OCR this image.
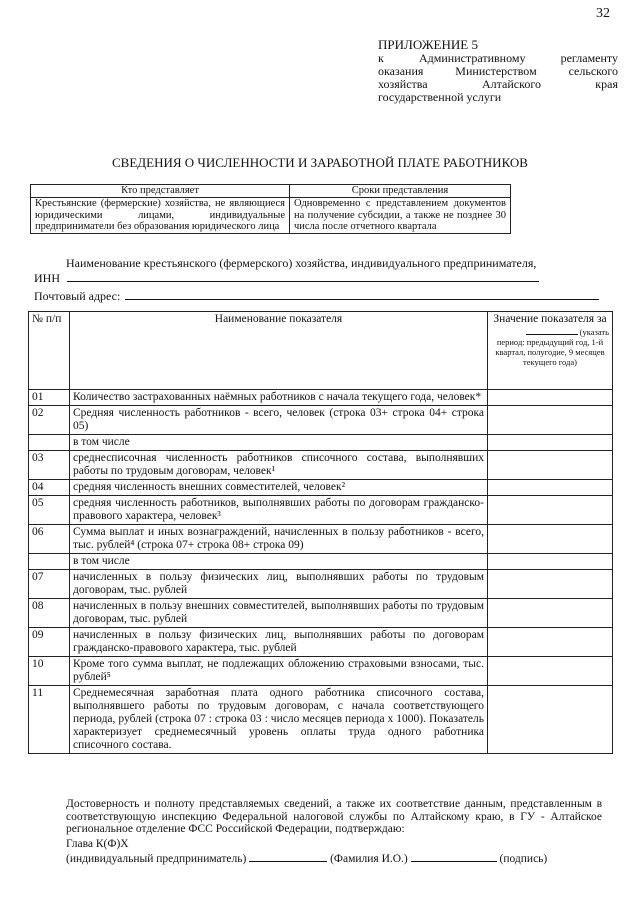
32
ПРИЛОЖЕНИЕ 5
к Административному регламенту
оказания Министерством сельского
хозяйства Алтайского края
государственной услуги
СВЕДЕНИЯ О ЧИСЛЕННОСТИ И ЗАРАБОТНОЙ ПЛАТЕ РАБОТНИКОВ
Кто представляет	Сроки представления
Крестьянские (фермерские) хозяйства, не являющиеся юридическими лицами, индивидуальные предприниматели без образования юридического лица	Одновременно с представлением документов на получение субсидии, а также не позднее 30 числа после отчетного квартала
Наименование крестьянского (фермерского) хозяйства, индивидуального предпринимателя,
ИНН
Почтовый адрес:
№ п/п	Наименование показателя	Значение показателя за
(указать
период: прeдыдущий год, 1-й квартал, полугодие, 9 месяцев текущего года)

01	Количество застрахованных наёмных работников с начала текущего года, человек*	
02	Средняя численность работников - всего, человек (строка 03+ строка 04+ строка 05)	
	в том числе	
03	среднесписочная численность работников списочного состава, выполнявших работы по трудовым договорам, человек¹	
04	средняя численность внешних совместителей, человек²	
05	средняя численность работников, выполнявших работы по договорам гражданско-правового характера, человек³	
06	Сумма выплат и иных вознаграждений, начисленных в пользу работников - всего, тыс. рублей⁴ (строка 07+ строка 08+ строка 09)	
	в том числе	
07	начисленных в пользу физических лиц, выполнявших работы по трудовым договорам, тыс. рублей	
08	начисленных в пользу внешних совместителей, выполнявших работы по трудовым договорам, тыс. рублей	
09	начисленных в пользу физических лиц, выполнявших работы по договорам гражданско-правового характера, тыс. рублей	
10	Кроме того сумма выплат, не подлежащих обложению страховыми взносами, тыс. рублей⁵	
11	Среднемесячная заработная плата одного работника списочного состава, выполнявшего работы по трудовым договорам, с начала соответствующего периода, рублей (строка 07 : строка 03 : число месяцев периода х 1000). Показатель характеризует среднемесячный уровень оплаты труда одного работника списочного состава.	
Достоверность и полноту представляемых сведений, а также их соответствие данным, представленным в соответствующую инспекцию Федеральной налоговой службы по Алтайскому краю, в ГУ - Алтайское региональное отделение ФСС Российской Федерации, подтверждаю:
Глава К(Ф)Х
(индивидуальный предприниматель)	(Фамилия И.О.)	(подпись)
